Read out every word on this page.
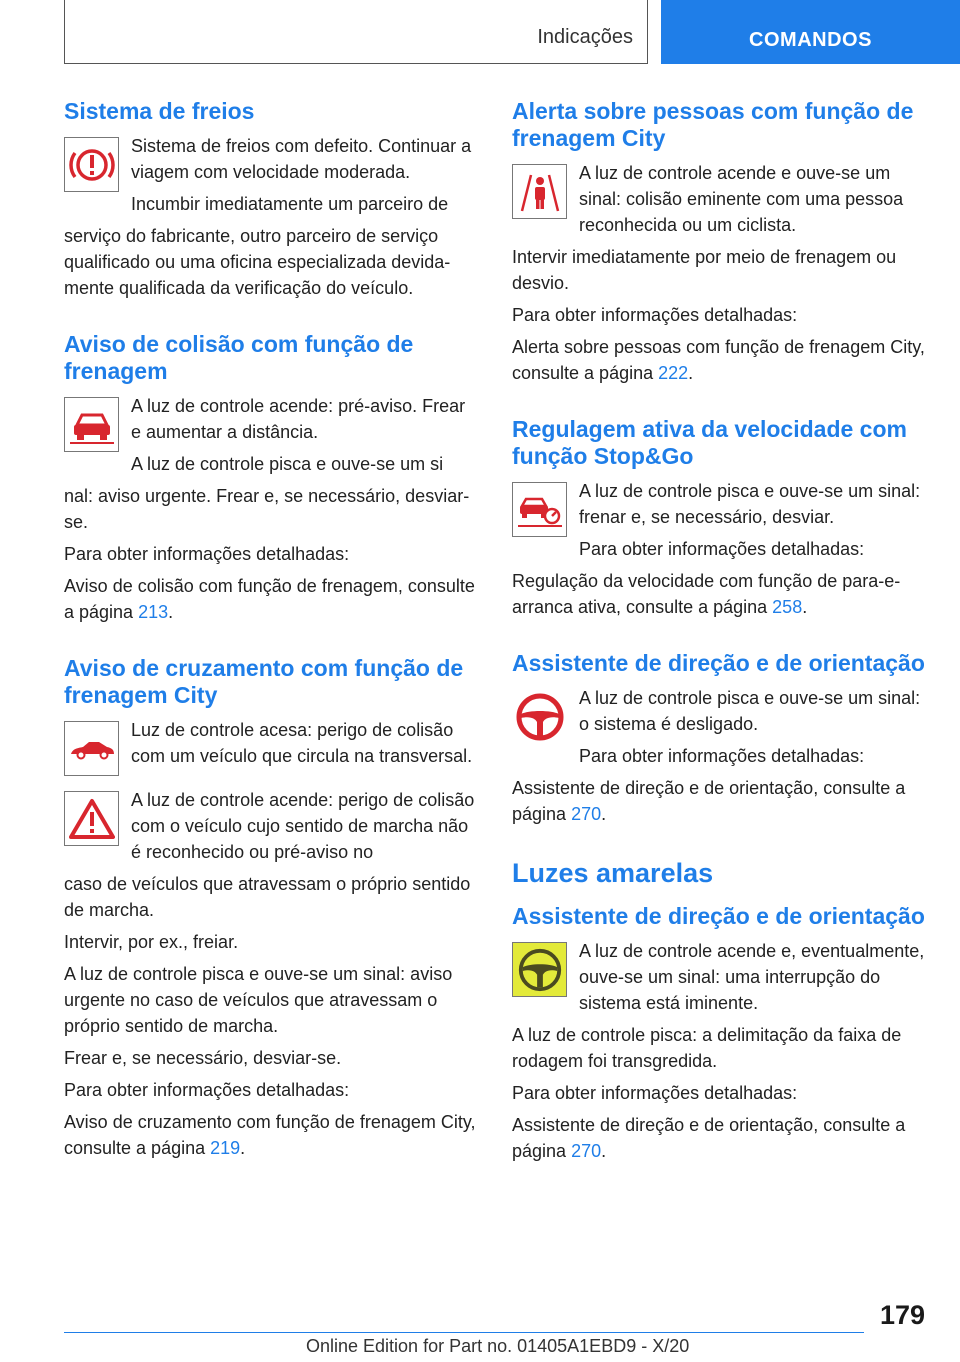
Indicações	COMANDOS
Sistema de freios

Sistema de freios com defeito. Continuar a viagem com velocidade moderada.

Incumbir imediatamente um parceiro de

serviço do fabricante, outro parceiro de serviço qualificado ou uma oficina especializada devidamente qualificada da verificação do veículo.

Aviso de colisão com função de frenagem

A luz de controle acende: pré-aviso. Frear e aumentar a distância.

A luz de controle pisca e ouve-se um si

nal: aviso urgente. Frear e, se necessário, desviar-se.

Para obter informações detalhadas:

Aviso de colisão com função de frenagem, consulte a página 213.

Aviso de cruzamento com função de frenagem City

Luz de controle acesa: perigo de colisão com um veículo que circula na transversal.

A luz de controle acende: perigo de colisão com o veículo cujo sentido de marcha não é reconhecido ou pré-aviso no

caso de veículos que atravessam o próprio sentido de marcha.

Intervir, por ex., freiar.

A luz de controle pisca e ouve-se um sinal: aviso urgente no caso de veículos que atravessam o próprio sentido de marcha.

Frear e, se necessário, desviar-se.

Para obter informações detalhadas:

Aviso de cruzamento com função de frenagem City, consulte a página 219.

Alerta sobre pessoas com função de frenagem City

A luz de controle acende e ouve-se um sinal: colisão eminente com uma pessoa reconhecida ou um ciclista.

Intervir imediatamente por meio de frenagem ou desvio.

Para obter informações detalhadas:

Alerta sobre pessoas com função de frenagem City, consulte a página 222.

Regulagem ativa da velocidade com função Stop&Go

A luz de controle pisca e ouve-se um sinal: frenar e, se necessário, desviar.

Para obter informações detalhadas:

Regulação da velocidade com função de para-e-arranca ativa, consulte a página 258.

Assistente de direção e de orientação

A luz de controle pisca e ouve-se um sinal: o sistema é desligado.

Para obter informações detalhadas:

Assistente de direção e de orientação, consulte a página 270.

Luzes amarelas
Assistente de direção e de orientação

A luz de controle acende e, eventualmente, ouve-se um sinal: uma interrupção do sistema está iminente.

A luz de controle pisca: a delimitação da faixa de rodagem foi transgredida.

Para obter informações detalhadas:

Assistente de direção e de orientação, consulte a página 270.

179
Online Edition for Part no. 01405A1EBD9 - X/20
